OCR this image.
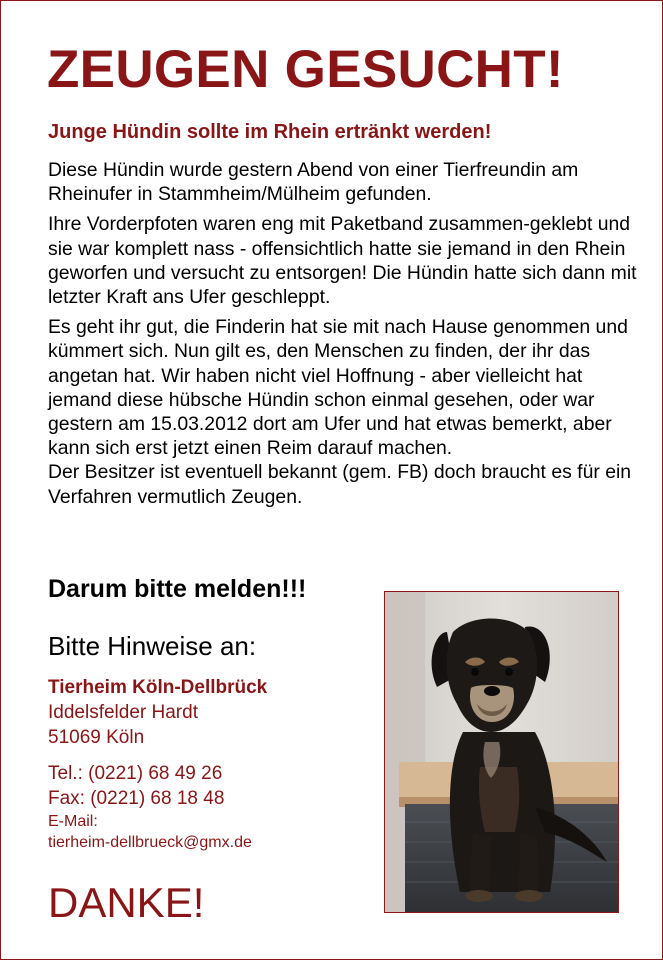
ZEUGEN GESUCHT!
Junge Hündin sollte im Rhein ertränkt werden!

Diese Hündin wurde gestern Abend von einer Tierfreundin am Rheinufer in Stammheim/Mülheim gefunden.

Ihre Vorderpfoten waren eng mit Paketband zusammen-geklebt und sie war komplett nass - offensichtlich hatte sie jemand in den Rhein geworfen und versucht zu entsorgen! Die Hündin hatte sich dann mit letzter Kraft ans Ufer geschleppt.

Es geht ihr gut, die Finderin hat sie mit nach Hause genommen und kümmert sich. Nun gilt es, den Menschen zu finden, der ihr das angetan hat. Wir haben nicht viel Hoffnung - aber vielleicht hat jemand diese hübsche Hündin schon einmal gesehen, oder war gestern am 15.03.2012 dort am Ufer und hat etwas bemerkt, aber kann sich erst jetzt einen Reim darauf machen.

Der Besitzer ist eventuell bekannt (gem. FB) doch braucht es für ein Verfahren vermutlich Zeugen.

Darum bitte melden!!!

Bitte Hinweise an:

Tierheim Köln-Dellbrück
Iddelsfelder Hardt
51069 Köln
Tel.: (0221) 68 49 26
Fax: (0221) 68 18 48
E-Mail:
tierheim-dellbrueck@gmx.de

DANKE!
